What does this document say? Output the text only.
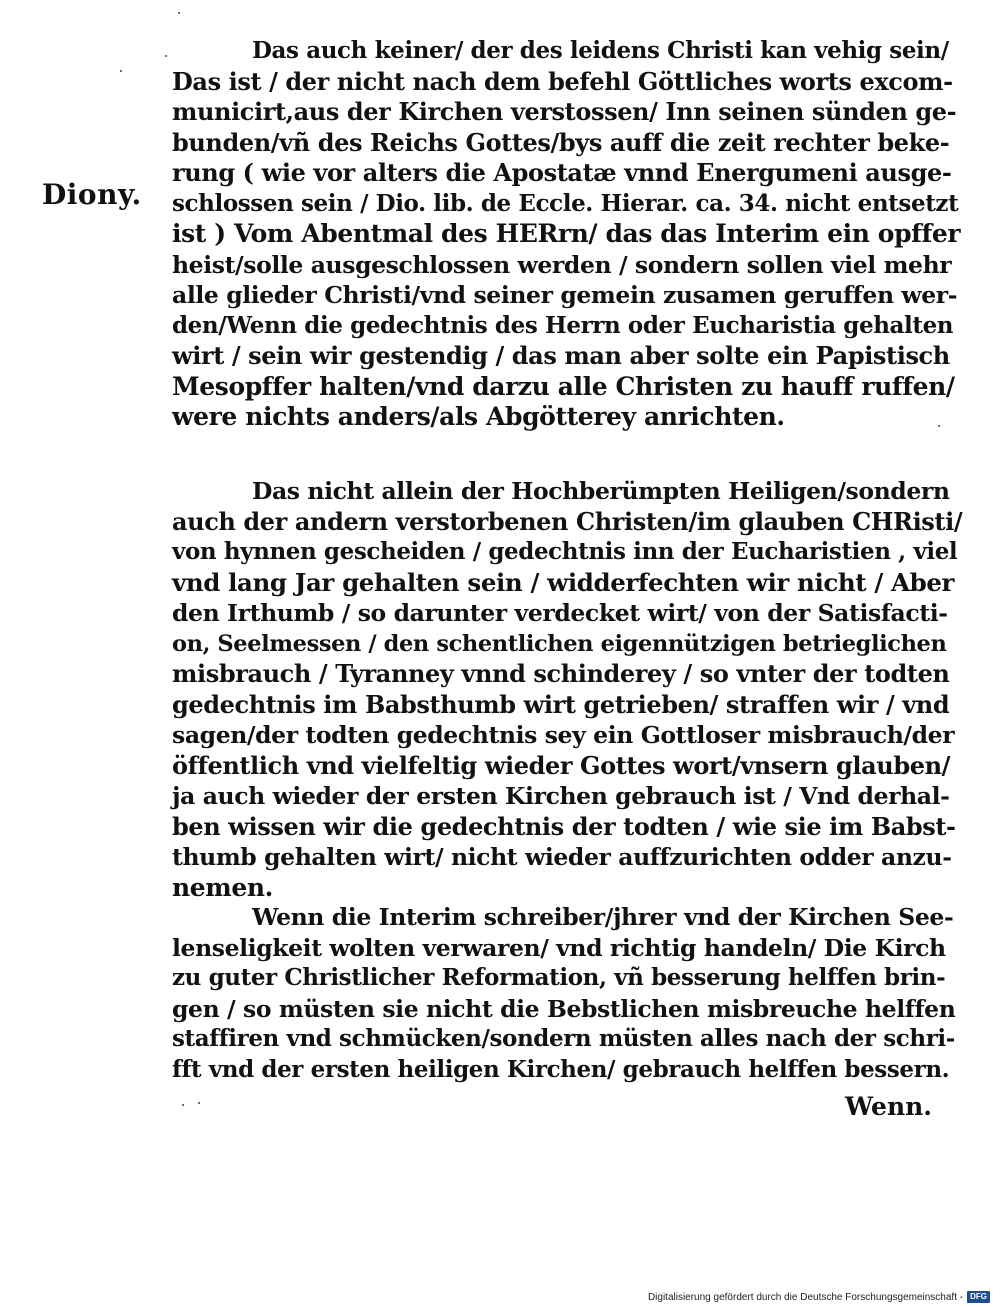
Diony.
Das auch keiner/ der des leidens Christi kan vehig sein/
Das ist / der nicht nach dem befehl Göttliches worts excom-
municirt,aus der Kirchen verstossen/ Inn seinen sünden ge-
bunden/vñ des Reichs Gottes/bys auff die zeit rechter beke-
rung ( wie vor alters die Apostatæ vnnd Energumeni ausge-
schlossen sein / Dio. lib. de Eccle. Hierar. ca. 34. nicht entsetzt
ist ) Vom Abentmal des HERrn/ das das Interim ein opffer
heist/solle ausgeschlossen werden / sondern sollen viel mehr
alle glieder Christi/vnd seiner gemein zusamen geruffen wer-
den/Wenn die gedechtnis des Herrn oder Eucharistia gehalten
wirt / sein wir gestendig / das man aber solte ein Papistisch
Mesopffer halten/vnd darzu alle Christen zu hauff ruffen/
were nichts anders/als Abgötterey anrichten.
Das nicht allein der Hochberümpten Heiligen/sondern
auch der andern verstorbenen Christen/im glauben CHRisti/
von hynnen gescheiden / gedechtnis inn der Eucharistien , viel
vnd lang Jar gehalten sein / widderfechten wir nicht / Aber
den Irthumb / so darunter verdecket wirt/ von der Satisfacti-
on, Seelmessen / den schentlichen eigennützigen betrieglichen
misbrauch / Tyranney vnnd schinderey / so vnter der todten
gedechtnis im Babsthumb wirt getrieben/ straffen wir / vnd
sagen/der todten gedechtnis sey ein Gottloser misbrauch/der
öffentlich vnd vielfeltig wieder Gottes wort/vnsern glauben/
ja auch wieder der ersten Kirchen gebrauch ist / Vnd derhal-
ben wissen wir die gedechtnis der todten / wie sie im Babst-
thumb gehalten wirt/ nicht wieder auffzurichten odder anzu-
nemen.
Wenn die Interim schreiber/jhrer vnd der Kirchen See-
lenseligkeit wolten verwaren/ vnd richtig handeln/ Die Kirch
zu guter Christlicher Reformation, vñ besserung helffen brin-
gen / so müsten sie nicht die Bebstlichen misbreuche helffen
staffiren vnd schmücken/sondern müsten alles nach der schri-
fft vnd der ersten heiligen Kirchen/ gebrauch helffen bessern.
Wenn.
Digitalisierung gefördert durch die Deutsche Forschungsgemeinschaft - DFG
